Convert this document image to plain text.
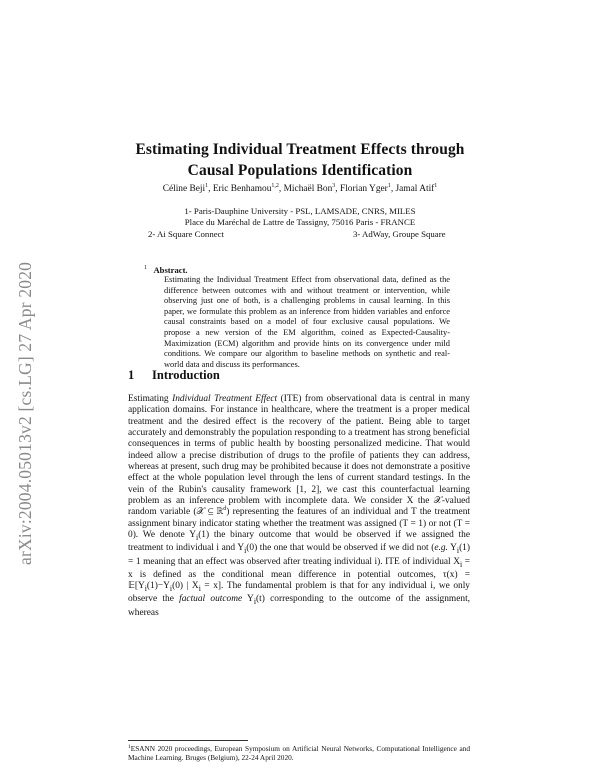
arXiv:2004.05013v2 [cs.LG] 27 Apr 2020
Estimating Individual Treatment Effects through
Causal Populations Identification
Céline Beji$^1$, Eric Benhamou$^{1,2}$, Michaël Bon$^3$, Florian Yger$^1$, Jamal Atif$^1$
1- Paris-Dauphine University - PSL, LAMSADE, CNRS, MILES
Place du Maréchal de Lattre de Tassigny, 75016 Paris - FRANCE
2- Ai Square Connect	3- AdWay, Groupe Square
$^1$ Abstract.
Estimating the Individual Treatment Effect from observational data, defined as the difference between outcomes with and without treatment or intervention, while observing just one of both, is a challenging problems in causal learning. In this paper, we formulate this problem as an inference from hidden variables and enforce causal constraints based on a model of four exclusive causal populations. We propose a new version of the EM algorithm, coined as Expected-Causality-Maximization (ECM) algorithm and provide hints on its convergence under mild conditions. We compare our algorithm to baseline methods on synthetic and real-world data and discuss its performances.
1 Introduction

Estimating Individual Treatment Effect (ITE) from observational data is central in many application domains. For instance in healthcare, where the treatment is a proper medical treatment and the desired effect is the recovery of the patient. Being able to target accurately and demonstrably the population responding to a treatment has strong beneficial consequences in terms of public health by boosting personalized medicine. That would indeed allow a precise distribution of drugs to the profile of patients they can address, whereas at present, such drug may be prohibited because it does not demonstrate a positive effect at the whole population level through the lens of current standard testings. In the vein of the Rubin's causality framework [1, 2], we cast this counterfactual learning problem as an inference problem with incomplete data. We consider X the 𝒳-valued random variable (𝒳 ⊆ ℝ$^d$) representing the features of an individual and T the treatment assignment binary indicator stating whether the treatment was assigned (T = 1) or not (T = 0). We denote $Y_i(1)$ the binary outcome that would be observed if we assigned the treatment to individual i and $Y_i(0)$ the one that would be observed if we did not (e.g. $Y_i(1) = 1$ meaning that an effect was observed after treating individual i). ITE of individual $X_i = x$ is defined as the conditional mean difference in potential outcomes, $\tau(x) = 𝔼[Y_i(1)-Y_i(0)$ | $X_i = x$]. The fundamental problem is that for any individual i, we only observe the factual outcome $Y_i(t)$ corresponding to the outcome of the assignment, whereas

$^1$ESANN 2020 proceedings, European Symposium on Artificial Neural Networks, Computational Intelligence and Machine Learning. Bruges (Belgium), 22-24 April 2020.
